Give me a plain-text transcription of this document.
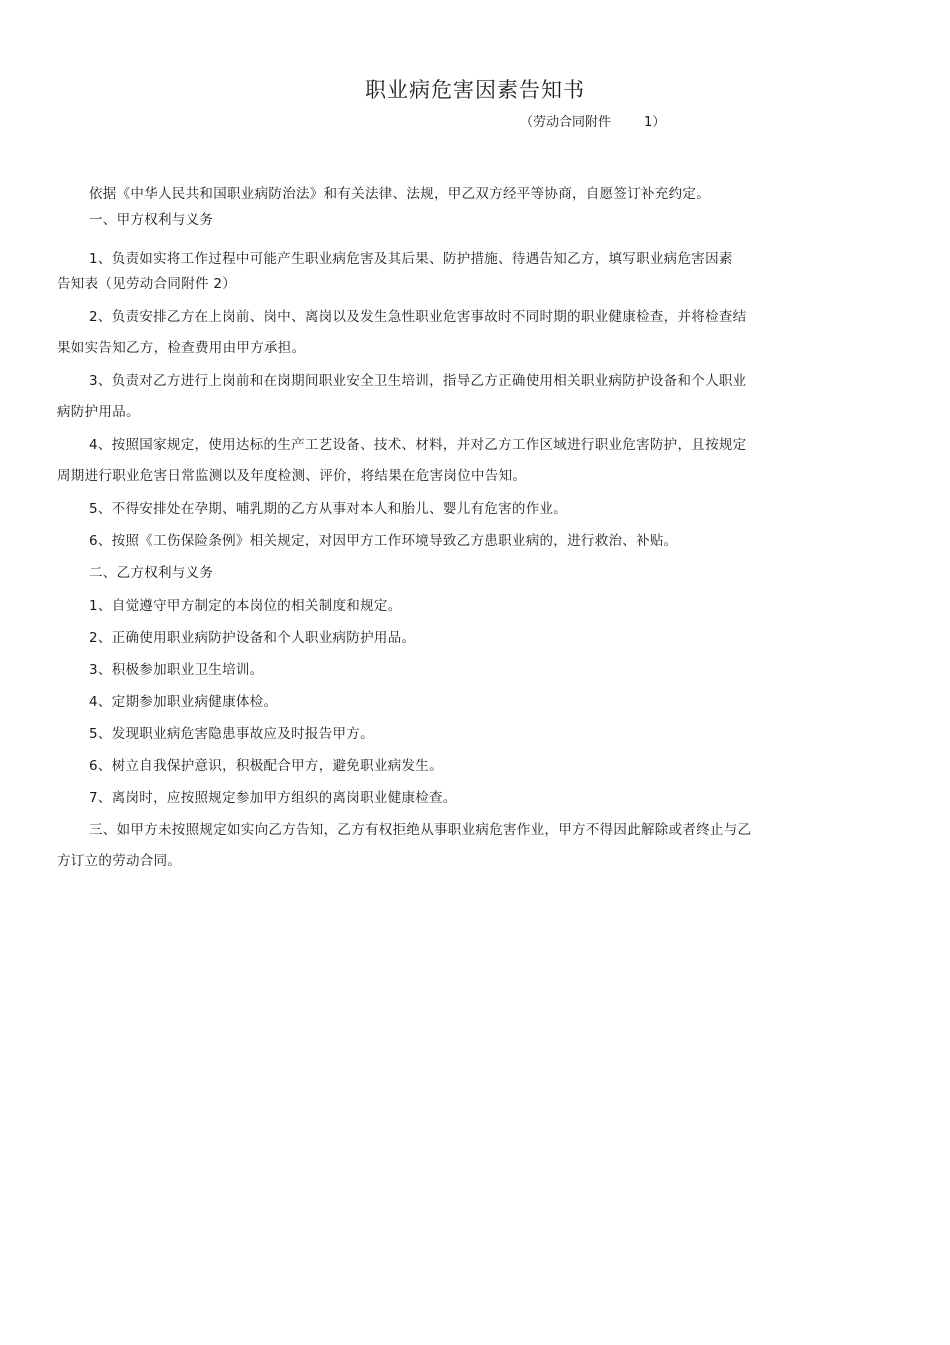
职业病危害因素告知书
（劳动合同附件        1）
依据《中华人民共和国职业病防治法》和有关法律、法规，甲乙双方经平等协商，自愿签订补充约定。
一、甲方权利与义务
1、负责如实将工作过程中可能产生职业病危害及其后果、防护措施、待遇告知乙方，填写职业病危害因素
告知表（见劳动合同附件 2）
2、负责安排乙方在上岗前、岗中、离岗以及发生急性职业危害事故时不同时期的职业健康检查，并将检查结
果如实告知乙方，检查费用由甲方承担。
3、负责对乙方进行上岗前和在岗期间职业安全卫生培训，指导乙方正确使用相关职业病防护设备和个人职业
病防护用品。
4、按照国家规定，使用达标的生产工艺设备、技术、材料，并对乙方工作区域进行职业危害防护，且按规定
周期进行职业危害日常监测以及年度检测、评价，将结果在危害岗位中告知。
5、不得安排处在孕期、哺乳期的乙方从事对本人和胎儿、婴儿有危害的作业。
6、按照《工伤保险条例》相关规定，对因甲方工作环境导致乙方患职业病的，进行救治、补贴。
二、乙方权利与义务
1、自觉遵守甲方制定的本岗位的相关制度和规定。
2、正确使用职业病防护设备和个人职业病防护用品。
3、积极参加职业卫生培训。
4、定期参加职业病健康体检。
5、发现职业病危害隐患事故应及时报告甲方。
6、树立自我保护意识，积极配合甲方，避免职业病发生。
7、离岗时，应按照规定参加甲方组织的离岗职业健康检查。
三、如甲方未按照规定如实向乙方告知，乙方有权拒绝从事职业病危害作业，甲方不得因此解除或者终止与乙
方订立的劳动合同。
